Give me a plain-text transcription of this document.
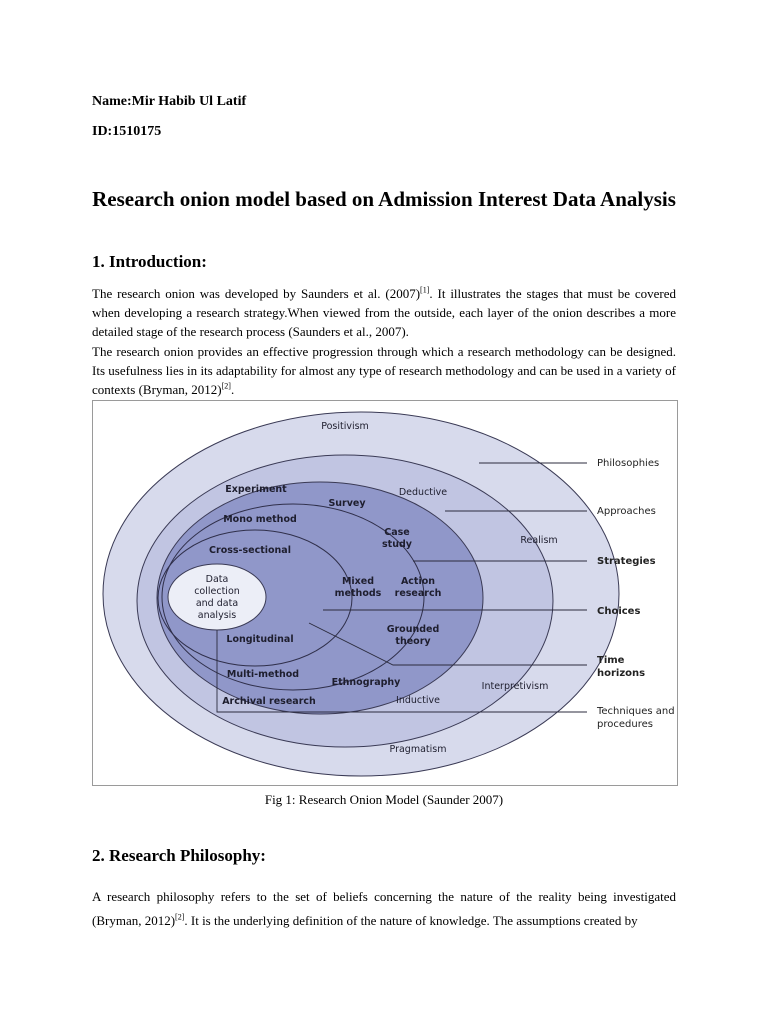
Name:Mir Habib Ul Latif
ID:1510175
Research onion model based on Admission Interest Data Analysis
1. Introduction:

The research onion was developed by Saunders et al. (2007)[1]. It illustrates the stages that must be covered when developing a research strategy.When viewed from the outside, each layer of the onion describes a more detailed stage of the research process (Saunders et al., 2007).

The research onion provides an effective progression through which a research methodology can be designed. Its usefulness lies in its adaptability for almost any type of research methodology and can be used in a variety of contexts (Bryman, 2012)[2].

Positivism
Deductive
Realism
Experiment
Survey
Mono method
Case
study
Cross-sectional
Data
collection
and data
analysis
Mixed
methods
Action
research
Grounded
theory
Longitudinal
Multi-method
Ethnography	Interpretivism
Archival research	Inductive
Pragmatism
Philosophies
Approaches
Strategies
Choices
Time
horizons
Techniques and
procedures
Fig 1: Research Onion Model (Saunder 2007)
2. Research Philosophy:

A research philosophy refers to the set of beliefs concerning the nature of the reality being investigated (Bryman, 2012)[2]. It is the underlying definition of the nature of knowledge. The assumptions created by
